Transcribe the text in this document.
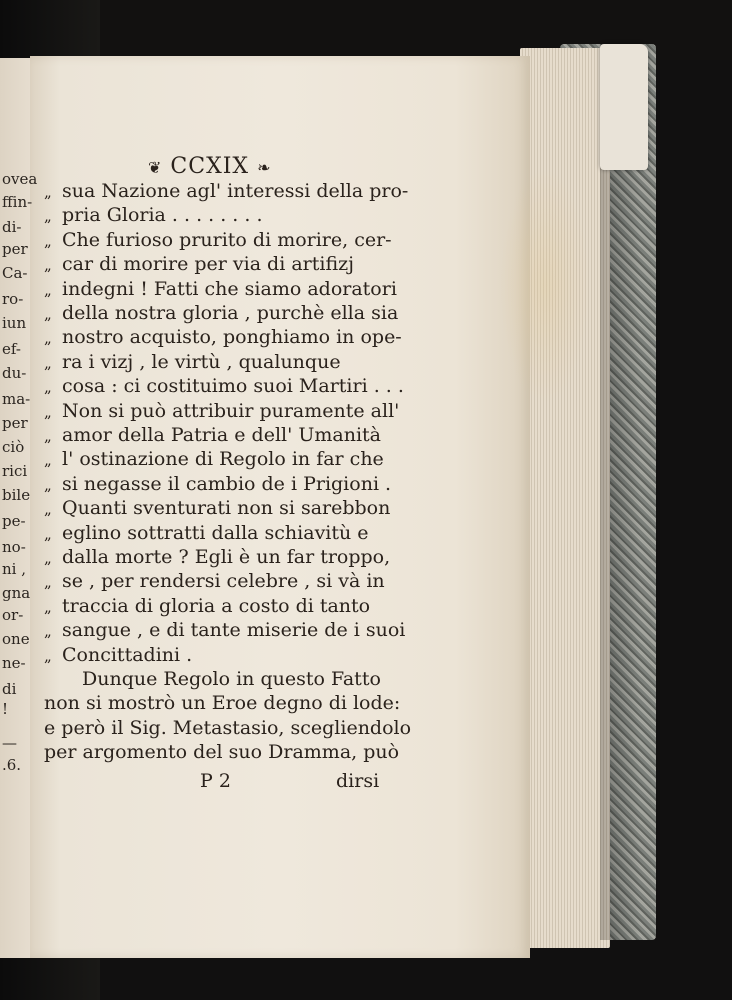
❦ CCXIX ❧
P 2	dirsi
„ sua Nazione agl' interessi della pro-
„ pria Gloria . . . . . . . .
„ Che furioso prurito di morire, cer-
„ car di morire per via di artifizj
„ indegni ! Fatti che siamo adoratori
„ della nostra gloria , purchè ella sia
„ nostro acquisto, ponghiamo in ope-
„ ra i vizj , le virtù , qualunque
„ cosa : ci costituimo suoi Martiri . . .
„ Non si può attribuir puramente all'
„ amor della Patria e dell' Umanità
„ l' ostinazione di Regolo in far che
„ si negasse il cambio de i Prigioni .
„ Quanti sventurati non si sarebbon
„ eglino sottratti dalla schiavitù e
„ dalla morte ? Egli è un far troppo,
„ se , per rendersi celebre , si và in
„ traccia di gloria a costo di tanto
„ sangue , e di tante miserie de i suoi
„ Concittadini .
Dunque Regolo in questo Fatto
non si mostrò un Eroe degno di lode:
e però il Sig. Metastasio, scegliendolo
per argomento del suo Dramma, può
ovea
ffin-
di-
per
Ca-
ro-
iun
ef-
du-
ma-
per
ciò
rici
bile
pe-
no-
ni ,
gna
or-
one
ne-
di
!
—
.6.
